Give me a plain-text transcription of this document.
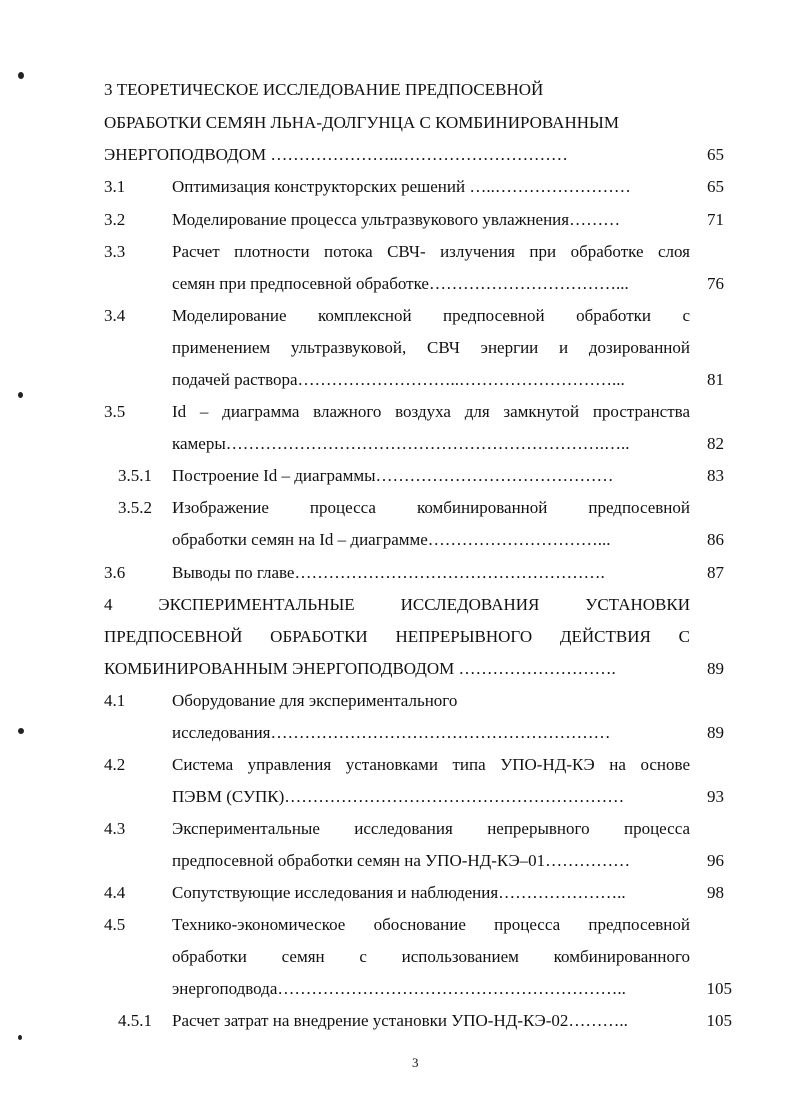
3 ТЕОРЕТИЧЕСКОЕ ИССЛЕДОВАНИЕ ПРЕДПОСЕВНОЙ
ОБРАБОТКИ СЕМЯН ЛЬНА-ДОЛГУНЦА С КОМБИНИРОВАННЫМ
ЭНЕРГОПОДВОДОМ …………………..…………………………	65
3.1	Оптимизация конструкторских решений …..……………………	65
3.2	Моделирование процесса ультразвукового увлажнения………	71
3.3	Расчет плотности потока СВЧ- излучения при обработке слоя
семян при предпосевной обработке……………………………...	76
3.4	Моделирование комплексной предпосевной обработки с
применением ультразвуковой, СВЧ энергии и дозированной
подачей раствора………………………..………………………...	81
3.5	Id – диаграмма влажного воздуха для замкнутой пространства
камеры………………………………………………………….…..	82
3.5.1 Построение Id – диаграммы……………………………………	83
3.5.2 Изображение процесса комбинированной предпосевной
обработки семян на Id – диаграмме…………………………...	86
3.6	Выводы по главе……………………………………………….	87
4 ЭКСПЕРИМЕНТАЛЬНЫЕ ИССЛЕДОВАНИЯ УСТАНОВКИ
ПРЕДПОСЕВНОЙ ОБРАБОТКИ НЕПРЕРЫВНОГО ДЕЙСТВИЯ С
КОМБИНИРОВАННЫМ ЭНЕРГОПОДВОДОМ ……………………….	89
4.1	Оборудование для экспериментального
исследования……………………………………………………	89
4.2	Система управления установками типа УПО-НД-КЭ на основе
ПЭВМ (СУПК)……………………………………………………	93
4.3	Экспериментальные исследования непрерывного процесса
предпосевной обработки семян на УПО-НД-КЭ–01……………	96
4.4	Сопутствующие исследования и наблюдения…………………..	98
4.5	Технико-экономическое обоснование процесса предпосевной
обработки семян с использованием комбинированного
энергоподвода……………………………………………………..	105
4.5.1 Расчет затрат на внедрение установки УПО-НД-КЭ-02………..	105
3
